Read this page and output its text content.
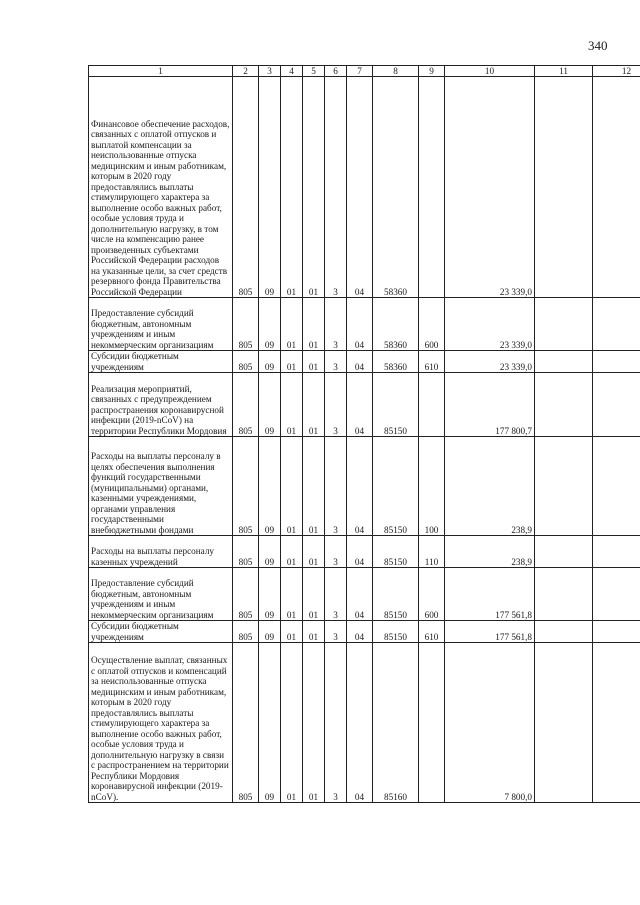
340
1	2	3	4	5	6	7	8	9	10	11	12

Финансовое обеспечение расходов, связанных с оплатой отпусков и выплатой компенсации за неиспользованные отпуска медицинским и иным работникам, которым в 2020 году предоставлялись выплаты стимулирующего характера за выполнение особо важных работ, особые условия труда и дополнительную нагрузку, в том числе на компенсацию ранее произведенных субъектами Российской Федерации расходов на указанные цели, за счет средств резервного фонда Правительства Российской Федерации	805	09	01	01	3	04	58360		23 339,0		

Предоставление субсидий бюджетным, автономным учреждениям и иным некоммерческим организациям	805	09	01	01	3	04	58360	600	23 339,0		

Субсидии бюджетным учреждениям	805	09	01	01	3	04	58360	610	23 339,0		

Реализация мероприятий, связанных с предупреждением распространения коронавирусной инфекции (2019-nCoV) на территории Республики Мордовия	805	09	01	01	3	04	85150		177 800,7		

Расходы на выплаты персоналу в целях обеспечения выполнения функций государственными (муниципальными) органами, казенными учреждениями, органами управления государственными внебюджетными фондами	805	09	01	01	3	04	85150	100	238,9		

Расходы на выплаты персоналу казенных учреждений	805	09	01	01	3	04	85150	110	238,9		

Предоставление субсидий бюджетным, автономным учреждениям и иным некоммерческим организациям	805	09	01	01	3	04	85150	600	177 561,8		

Субсидии бюджетным учреждениям	805	09	01	01	3	04	85150	610	177 561,8		

Осуществление выплат, связанных с оплатой отпусков и компенсаций за неиспользованные отпуска медицинским и иным работникам, которым в 2020 году предоставлялись выплаты стимулирующего характера за выполнение особо важных работ, особые условия труда и дополнительную нагрузку в связи с распространением на территории Республики Мордовия коронавирусной инфекции (2019-nCoV).	805	09	01	01	3	04	85160		7 800,0		
